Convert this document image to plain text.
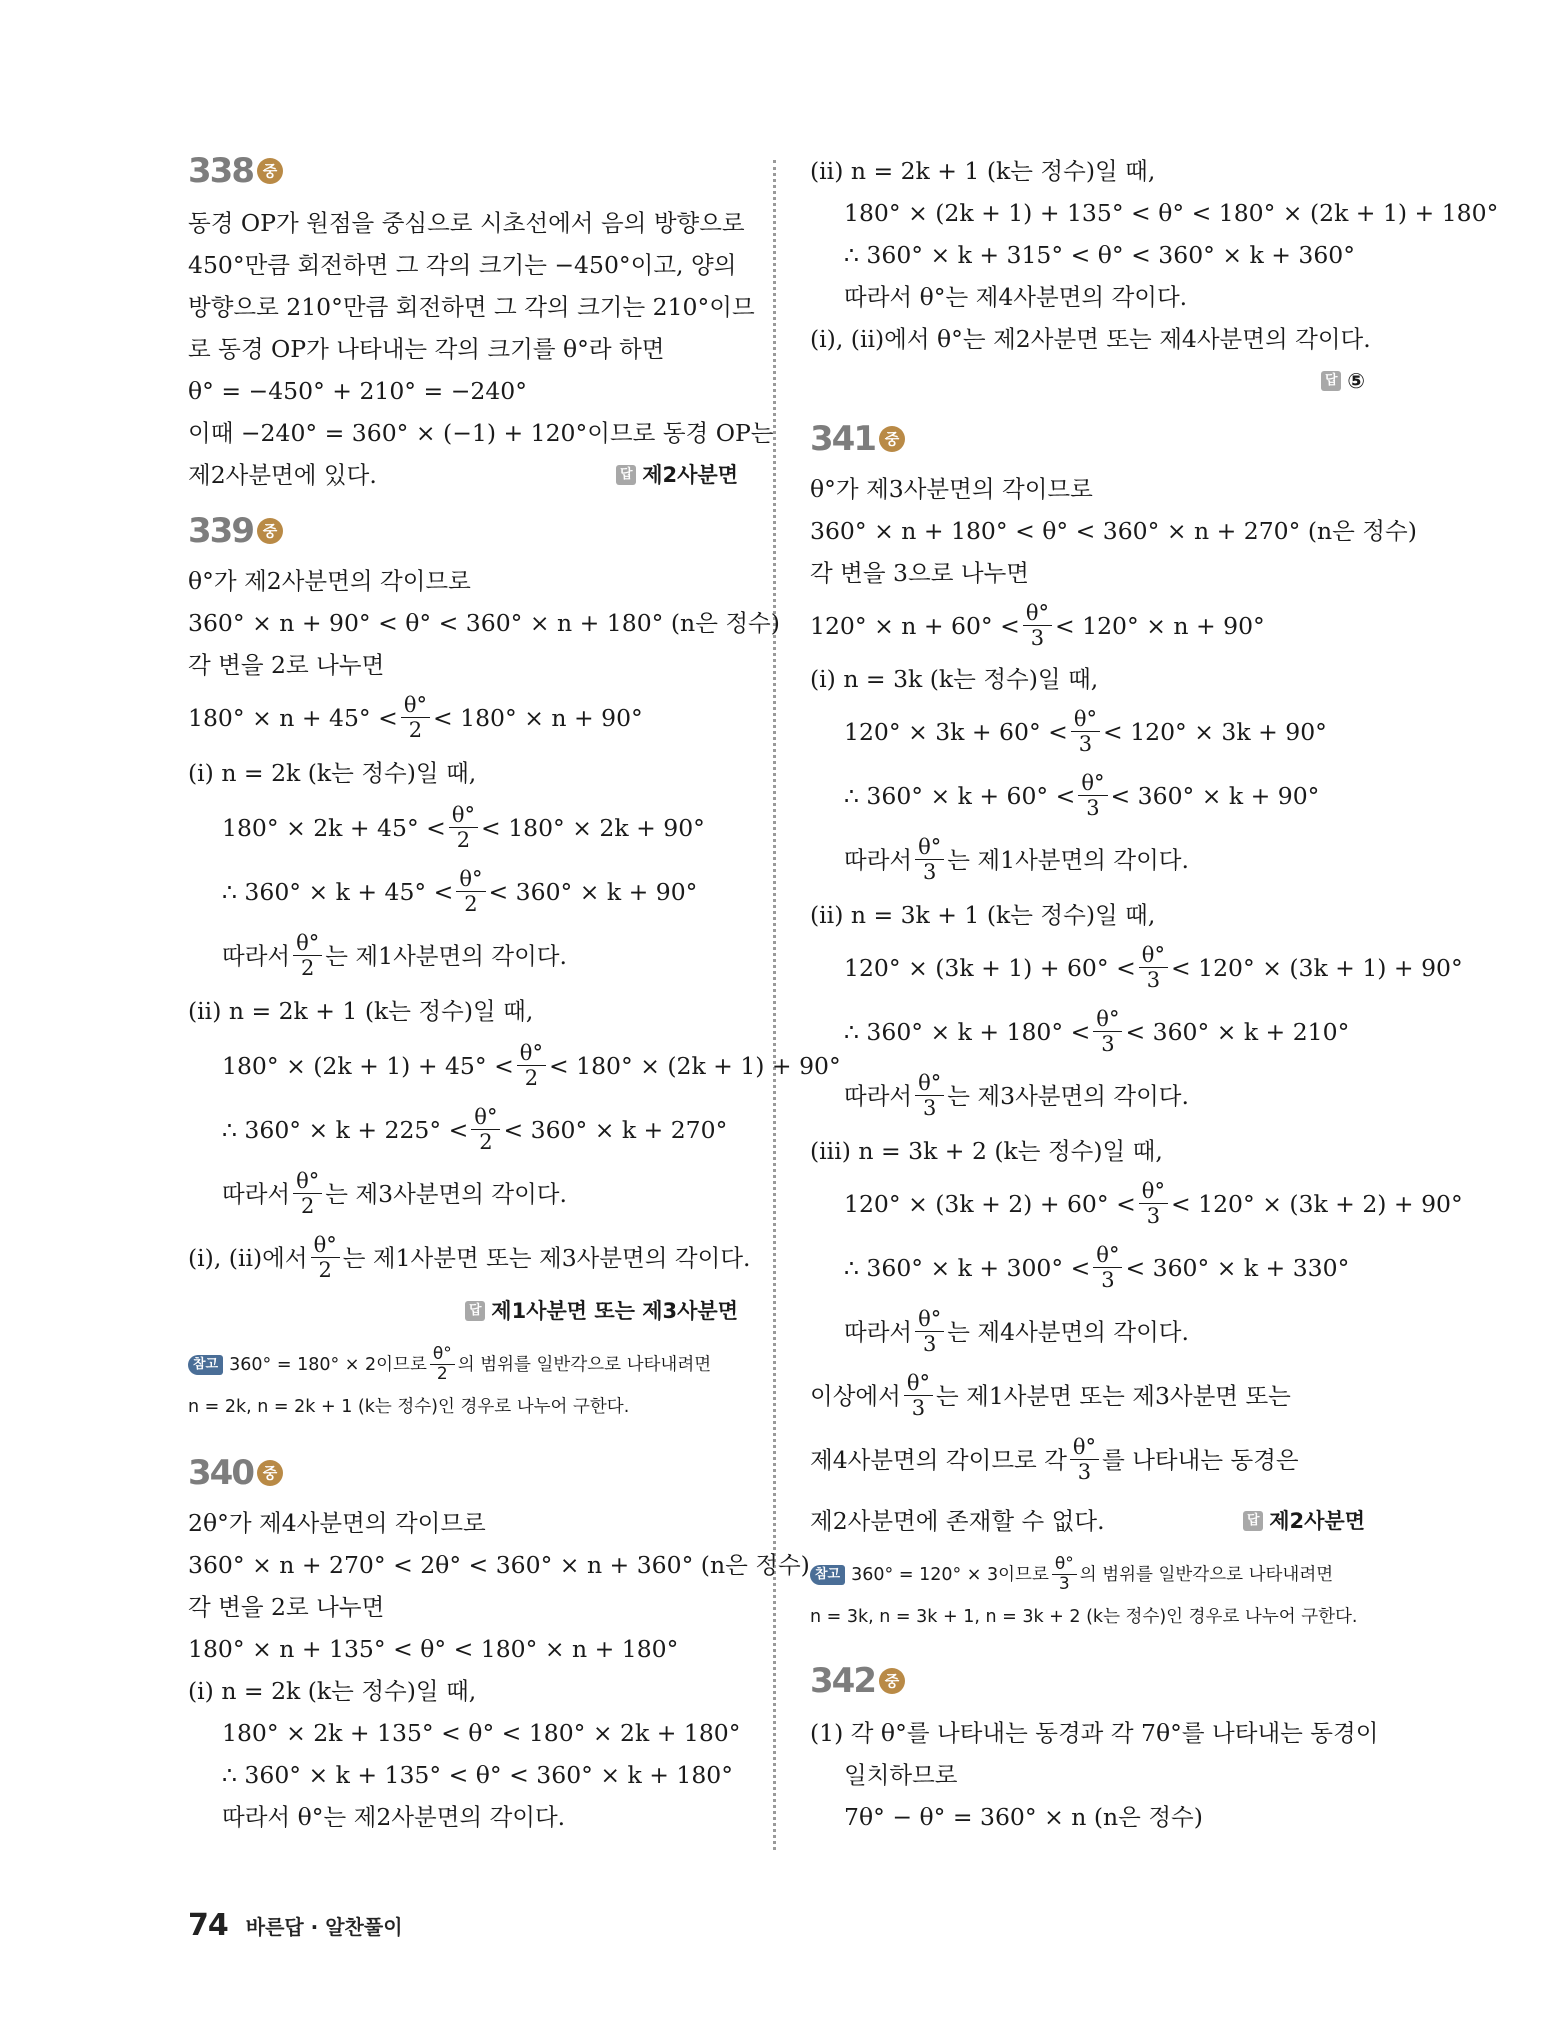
338 중
동경 OP가 원점을 중심으로 시초선에서 음의 방향으로
450°만큼 회전하면 그 각의 크기는 −450°이고, 양의
방향으로 210°만큼 회전하면 그 각의 크기는 210°이므
로 동경 OP가 나타내는 각의 크기를 θ°라 하면
θ° = −450° + 210° = −240°
이때 −240° = 360° × (−1) + 120°이므로 동경 OP는
제2사분면에 있다.	답 제2사분면
339 중
θ°가 제2사분면의 각이므로
360° × n + 90° < θ° < 360° × n + 180° (n은 정수)
각 변을 2로 나누면
$180^\circ \times n + 45^\circ < \frac{\theta^\circ}{2} < 180^\circ \times n + 90^\circ$
(i) n = 2k (k는 정수)일 때,
$180^\circ \times 2k + 45^\circ < \frac{\theta^\circ}{2} < 180^\circ \times 2k + 90^\circ$
∴ $360^\circ \times k + 45^\circ < \frac{\theta^\circ}{2} < 360^\circ \times k + 90^\circ$
따라서 $\frac{\theta^\circ}{2}$ 는 제1사분면의 각이다.
(ii) n = 2k + 1 (k는 정수)일 때,
$180^\circ \times (2k + 1) + 45^\circ < \frac{\theta^\circ}{2} < 180^\circ \times (2k + 1) + 90^\circ$
∴ $360^\circ \times k + 225^\circ < \frac{\theta^\circ}{2} < 360^\circ \times k + 270^\circ$
따라서 $\frac{\theta^\circ}{2}$ 는 제3사분면의 각이다.
(i), (ii)에서 $\frac{\theta^\circ}{2}$ 는 제1사분면 또는 제3사분면의 각이다.
답 제1사분면 또는 제3사분면
참고 360° = 180° × 2이므로 $\frac{\theta^\circ}{2}$ 의 범위를 일반각으로 나타내려면
n = 2k, n = 2k + 1 (k는 정수)인 경우로 나누어 구한다.
340 중
2θ°가 제4사분면의 각이므로
360° × n + 270° < 2θ° < 360° × n + 360° (n은 정수)
각 변을 2로 나누면
180° × n + 135° < θ° < 180° × n + 180°
(i) n = 2k (k는 정수)일 때,
180° × 2k + 135° < θ° < 180° × 2k + 180°
∴ 360° × k + 135° < θ° < 360° × k + 180°
따라서 θ°는 제2사분면의 각이다.
(ii) n = 2k + 1 (k는 정수)일 때,
180° × (2k + 1) + 135° < θ° < 180° × (2k + 1) + 180°
∴ 360° × k + 315° < θ° < 360° × k + 360°
따라서 θ°는 제4사분면의 각이다.
(i), (ii)에서 θ°는 제2사분면 또는 제4사분면의 각이다.
답 ⑤
341 중
θ°가 제3사분면의 각이므로
360° × n + 180° < θ° < 360° × n + 270° (n은 정수)
각 변을 3으로 나누면
$120^\circ \times n + 60^\circ < \frac{\theta^\circ}{3} < 120^\circ \times n + 90^\circ$
(i) n = 3k (k는 정수)일 때,
$120^\circ \times 3k + 60^\circ < \frac{\theta^\circ}{3} < 120^\circ \times 3k + 90^\circ$
∴ $360^\circ \times k + 60^\circ < \frac{\theta^\circ}{3} < 360^\circ \times k + 90^\circ$
따라서 $\frac{\theta^\circ}{3}$ 는 제1사분면의 각이다.
(ii) n = 3k + 1 (k는 정수)일 때,
$120^\circ \times (3k + 1) + 60^\circ < \frac{\theta^\circ}{3} < 120^\circ \times (3k + 1) + 90^\circ$
∴ $360^\circ \times k + 180^\circ < \frac{\theta^\circ}{3} < 360^\circ \times k + 210^\circ$
따라서 $\frac{\theta^\circ}{3}$ 는 제3사분면의 각이다.
(iii) n = 3k + 2 (k는 정수)일 때,
$120^\circ \times (3k + 2) + 60^\circ < \frac{\theta^\circ}{3} < 120^\circ \times (3k + 2) + 90^\circ$
∴ $360^\circ \times k + 300^\circ < \frac{\theta^\circ}{3} < 360^\circ \times k + 330^\circ$
따라서 $\frac{\theta^\circ}{3}$ 는 제4사분면의 각이다.
이상에서 $\frac{\theta^\circ}{3}$ 는 제1사분면 또는 제3사분면 또는
제4사분면의 각이므로 각 $\frac{\theta^\circ}{3}$ 를 나타내는 동경은
제2사분면에 존재할 수 없다.	답 제2사분면
참고 360° = 120° × 3이므로 $\frac{\theta^\circ}{3}$ 의 범위를 일반각으로 나타내려면
n = 3k, n = 3k + 1, n = 3k + 2 (k는 정수)인 경우로 나누어 구한다.
342 중
(1) 각 θ°를 나타내는 동경과 각 7θ°를 나타내는 동경이
일치하므로
7θ° − θ° = 360° × n (n은 정수)
74 바른답 · 알찬풀이
